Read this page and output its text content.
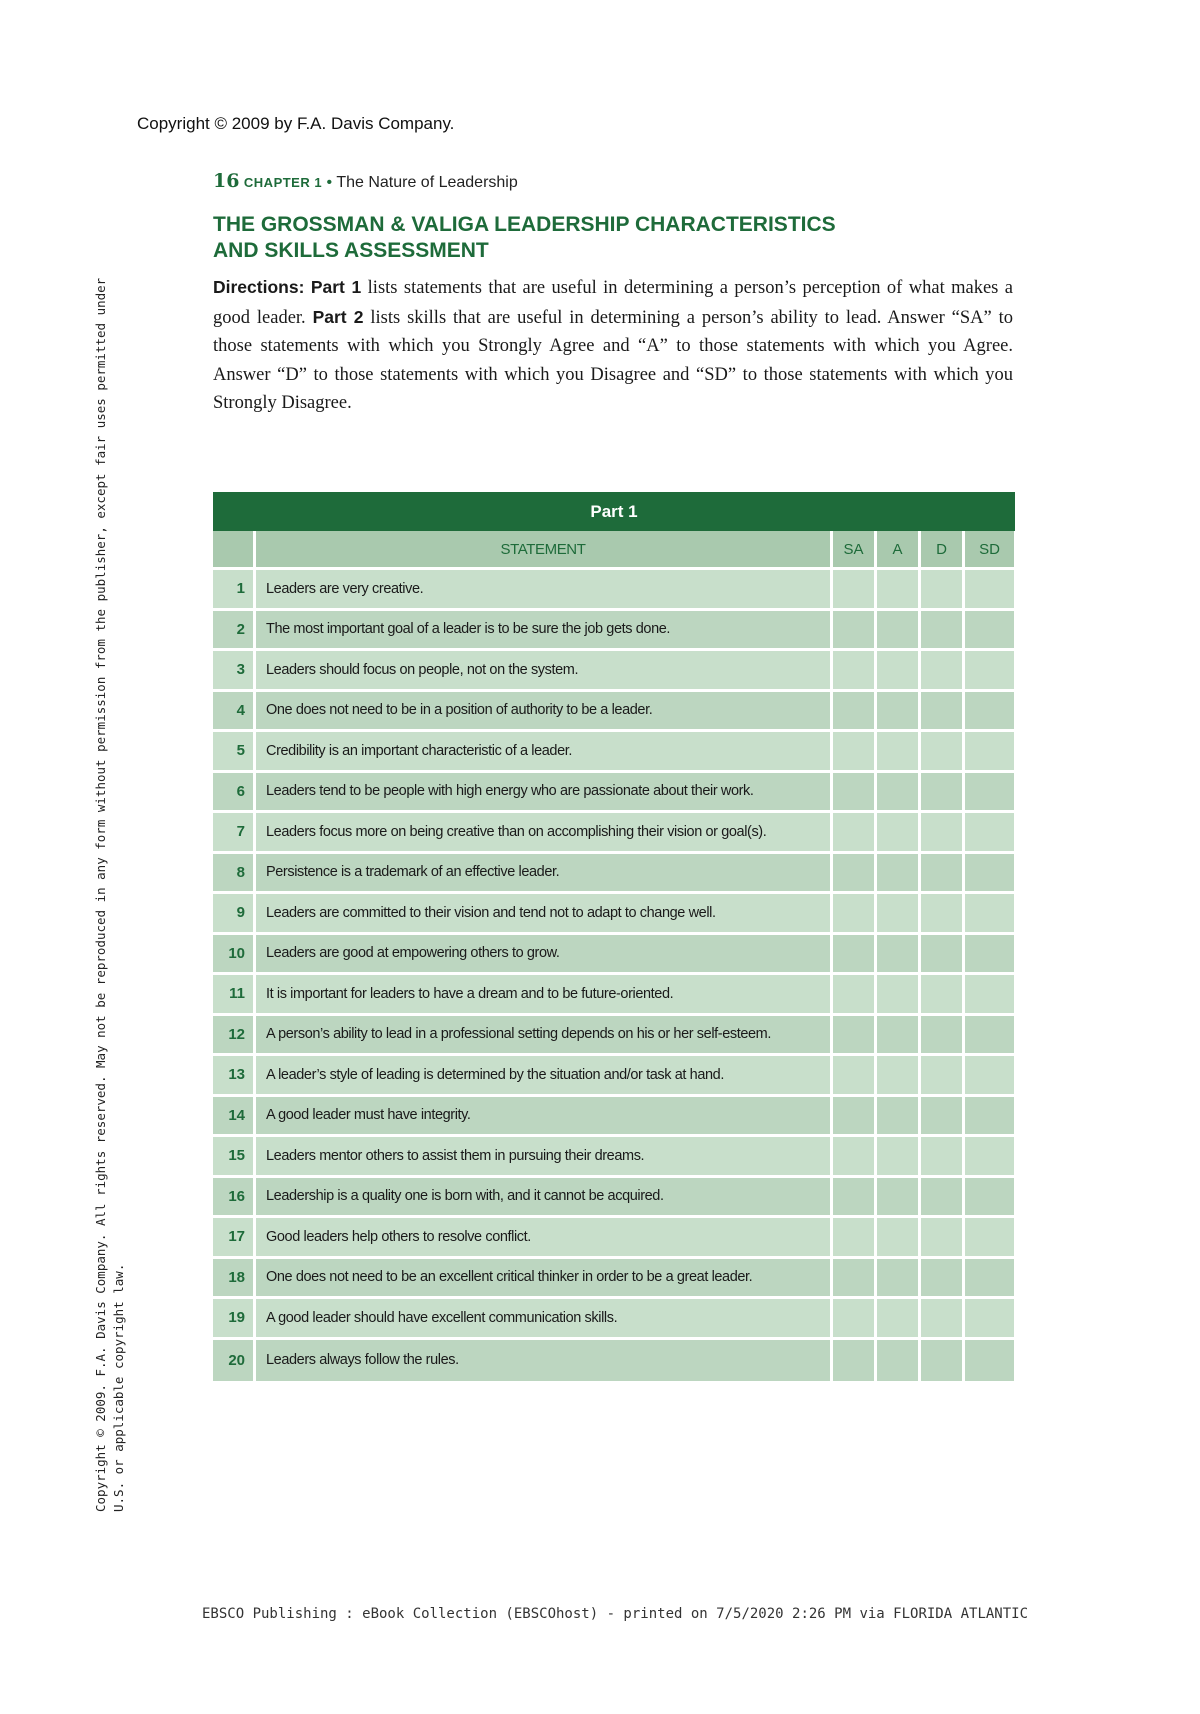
Copyright © 2009 by F.A. Davis Company.
Copyright © 2009. F.A. Davis Company. All rights reserved. May not be reproduced in any form without permission from the publisher, except fair uses permitted under U.S. or applicable copyright law.
16 CHAPTER 1 • The Nature of Leadership
THE GROSSMAN & VALIGA LEADERSHIP CHARACTERISTICS
AND SKILLS ASSESSMENT
Directions: Part 1 lists statements that are useful in determining a person’s perception of what makes a good leader. Part 2 lists skills that are useful in determining a person’s ability to lead. Answer “SA” to those statements with which you Strongly Agree and “A” to those statements with which you Agree. Answer “D” to those statements with which you Disagree and “SD” to those statements with which you Strongly Disagree.
Part 1
STATEMENT	SA	A	D	SD
1	Leaders are very creative.
2	The most important goal of a leader is to be sure the job gets done.
3	Leaders should focus on people, not on the system.
4	One does not need to be in a position of authority to be a leader.
5	Credibility is an important characteristic of a leader.
6	Leaders tend to be people with high energy who are passionate about their work.
7	Leaders focus more on being creative than on accomplishing their vision or goal(s).
8	Persistence is a trademark of an effective leader.
9	Leaders are committed to their vision and tend not to adapt to change well.
10	Leaders are good at empowering others to grow.
11	It is important for leaders to have a dream and to be future-oriented.
12	A person’s ability to lead in a professional setting depends on his or her self-esteem.
13	A leader’s style of leading is determined by the situation and/or task at hand.
14	A good leader must have integrity.
15	Leaders mentor others to assist them in pursuing their dreams.
16	Leadership is a quality one is born with, and it cannot be acquired.
17	Good leaders help others to resolve conflict.
18	One does not need to be an excellent critical thinker in order to be a great leader.
19	A good leader should have excellent communication skills.
20	Leaders always follow the rules.
EBSCO Publishing : eBook Collection (EBSCOhost) - printed on 7/5/2020 2:26 PM via FLORIDA ATLANTIC
